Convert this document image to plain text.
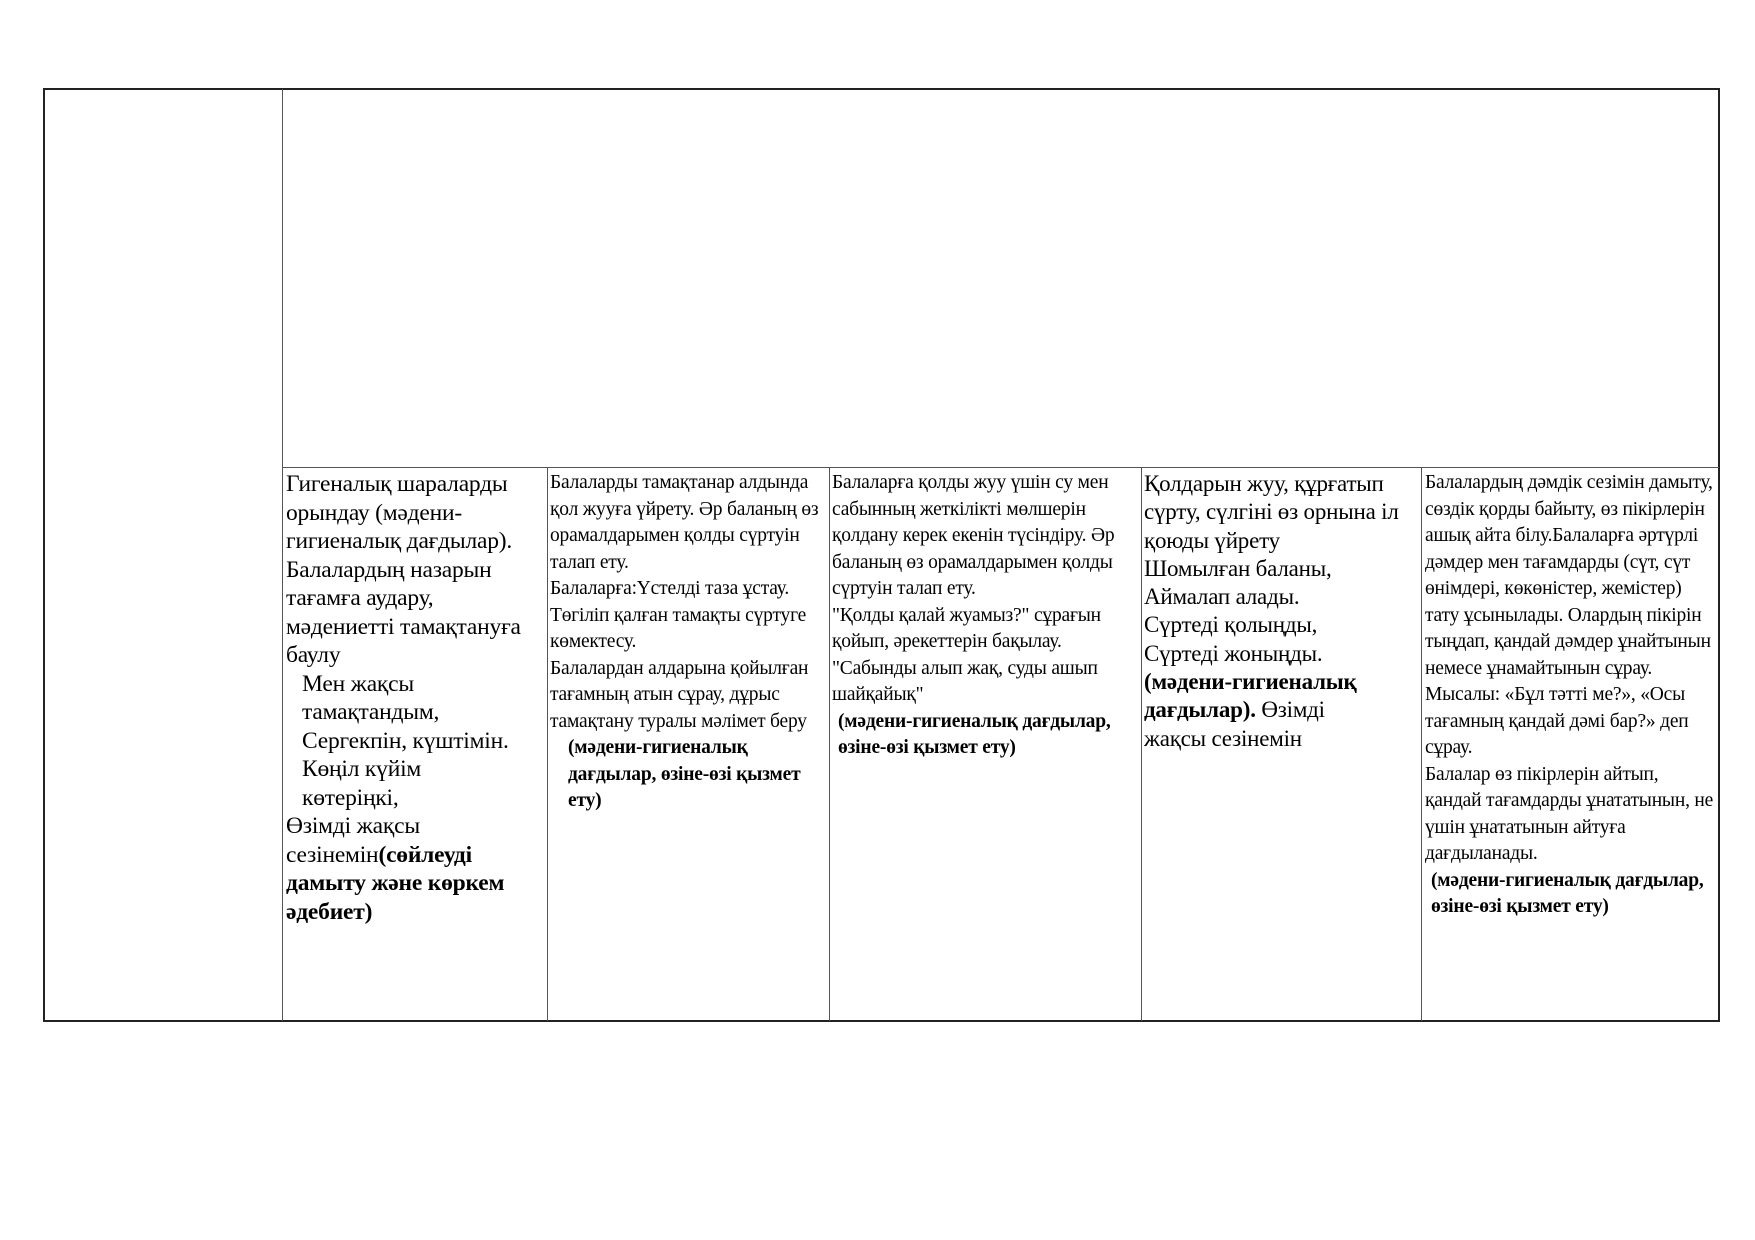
Гигеналық шараларды орындау (мәдени-гигиеналық дағдылар).

Балалардың назарын тағамға аудару, мәдениетті тамақтануға баулу

Мен жақсы

тамақтандым,

Сергекпін, күштімін.

Көңіл күйім

көтеріңкі,

Өзімді жақсы сезінемін(сөйлеуді дамыту және көркем әдебиет)

Балаларды тамақтанар алдында қол жууға үйрету. Әр баланың өз орамалдарымен қолды сүртуін талап ету.

Балаларға:Үстелді таза ұстау.

Төгіліп қалған тамақты сүртуге көмектесу.

Балалардан алдарына қойылған тағамның атын сұрау, дұрыс тамақтану туралы мәлімет беру

(мәдени-гигиеналық дағдылар, өзіне-өзі қызмет ету)

Балаларға қолды жуу үшін су мен сабынның жеткілікті мөлшерін қолдану керек екенін түсіндіру. Әр баланың өз орамалдарымен қолды сүртуін талап ету.

"Қолды қалай жуамыз?" сұрағын қойып, әрекеттерін бақылау.

"Сабынды алып жақ, суды ашып шайқайық"

(мәдени-гигиеналық дағдылар, өзіне-өзі қызмет ету)

Қолдарын жуу, құрғатып

сүрту, сүлгіні өз орнына іл

қоюды үйрету

Шомылған баланы,

Аймалап алады.

Сүртеді қолыңды,

Сүртеді жоныңды.

(мәдени-гигиеналық

дағдылар). Өзімді

жақсы сезінемін

Балалардың дәмдік сезімін дамыту, сөздік қорды байыту, өз пікірлерін ашық айта білу.Балаларға әртүрлі дәмдер мен тағамдарды (сүт, сүт өнімдері, көкөністер, жемістер) тату ұсынылады. Олардың пікірін тыңдап, қандай дәмдер ұнайтынын немесе ұнамайтынын сұрау. Мысалы: «Бұл тәтті ме?», «Осы тағамның қандай дәмі бар?» деп сұрау.

Балалар өз пікірлерін айтып, қандай тағамдарды ұнататынын, не үшін ұнататынын айтуға дағдыланады.

(мәдени-гигиеналық дағдылар, өзіне-өзі қызмет ету)
